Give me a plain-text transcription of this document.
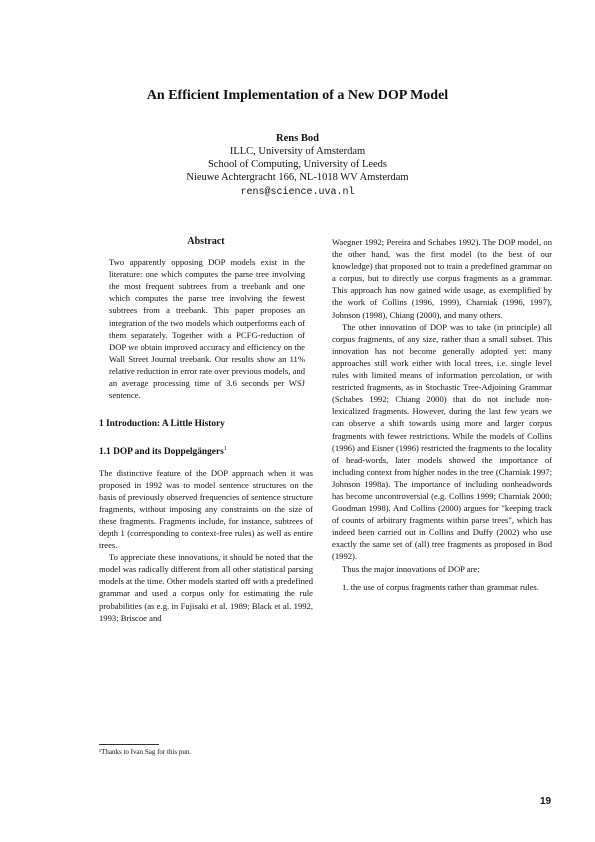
An Efficient Implementation of a New DOP Model
Rens Bod
ILLC, University of Amsterdam
School of Computing, University of Leeds
Nieuwe Achtergracht 166, NL-1018 WV Amsterdam
rens@science.uva.nl
Abstract

Two apparently opposing DOP models exist in the literature: one which computes the parse tree involving the most frequent subtrees from a treebank and one which computes the parse tree involving the fewest subtrees from a treebank. This paper proposes an integration of the two models which outperforms each of them separately. Together with a PCFG-reduction of DOP we obtain improved accuracy and efficiency on the Wall Street Journal treebank. Our results show an 11% relative reduction in error rate over previous models, and an average processing time of 3.6 seconds per WSJ sentence.

1 Introduction: A Little History
1.1 DOP and its Doppelgängers$^1$

The distinctive feature of the DOP approach when it was proposed in 1992 was to model sentence structures on the basis of previously observed frequencies of sentence structure fragments, without imposing any constraints on the size of these fragments. Fragments include, for instance, subtrees of depth 1 (corresponding to context-free rules) as well as entire trees.

To appreciate these innovations, it should be noted that the model was radically different from all other statistical parsing models at the time. Other models started off with a predefined grammar and used a corpus only for estimating the rule probabilities (as e.g. in Fujisaki et al. 1989; Black et al. 1992, 1993; Briscoe and

Waegner 1992; Pereira and Schabes 1992). The DOP model, on the other hand, was the first model (to the best of our knowledge) that proposed not to train a predefined grammar on a corpus, but to directly use corpus fragments as a grammar. This approach has now gained wide usage, as exemplified by the work of Collins (1996, 1999), Charniak (1996, 1997), Johnson (1998), Chiang (2000), and many others.

The other innovation of DOP was to take (in principle) all corpus fragments, of any size, rather than a small subset. This innovation has not become generally adopted yet: many approaches still work either with local trees, i.e. single level rules with limited means of information percolation, or with restricted fragments, as in Stochastic Tree-Adjoining Grammar (Schabes 1992; Chiang 2000) that do not include non-lexicalized fragments. However, during the last few years we can observe a shift towards using more and larger corpus fragments with fewer restrictions. While the models of Collins (1996) and Eisner (1996) restricted the fragments to the locality of head-words, later models showed the importance of including context from higher nodes in the tree (Charniak 1997; Johnson 1998a). The importance of including nonheadwords has become uncontroversial (e.g. Collins 1999; Charniak 2000; Goodman 1998). And Collins (2000) argues for "keeping track of counts of arbitrary fragments within parse trees", which has indeed been carried out in Collins and Duffy (2002) who use exactly the same set of (all) tree fragments as proposed in Bod (1992).

Thus the major innovations of DOP are:

1. the use of corpus fragments rather than grammar rules.

¹Thanks to Ivan Sag for this pun.
19
